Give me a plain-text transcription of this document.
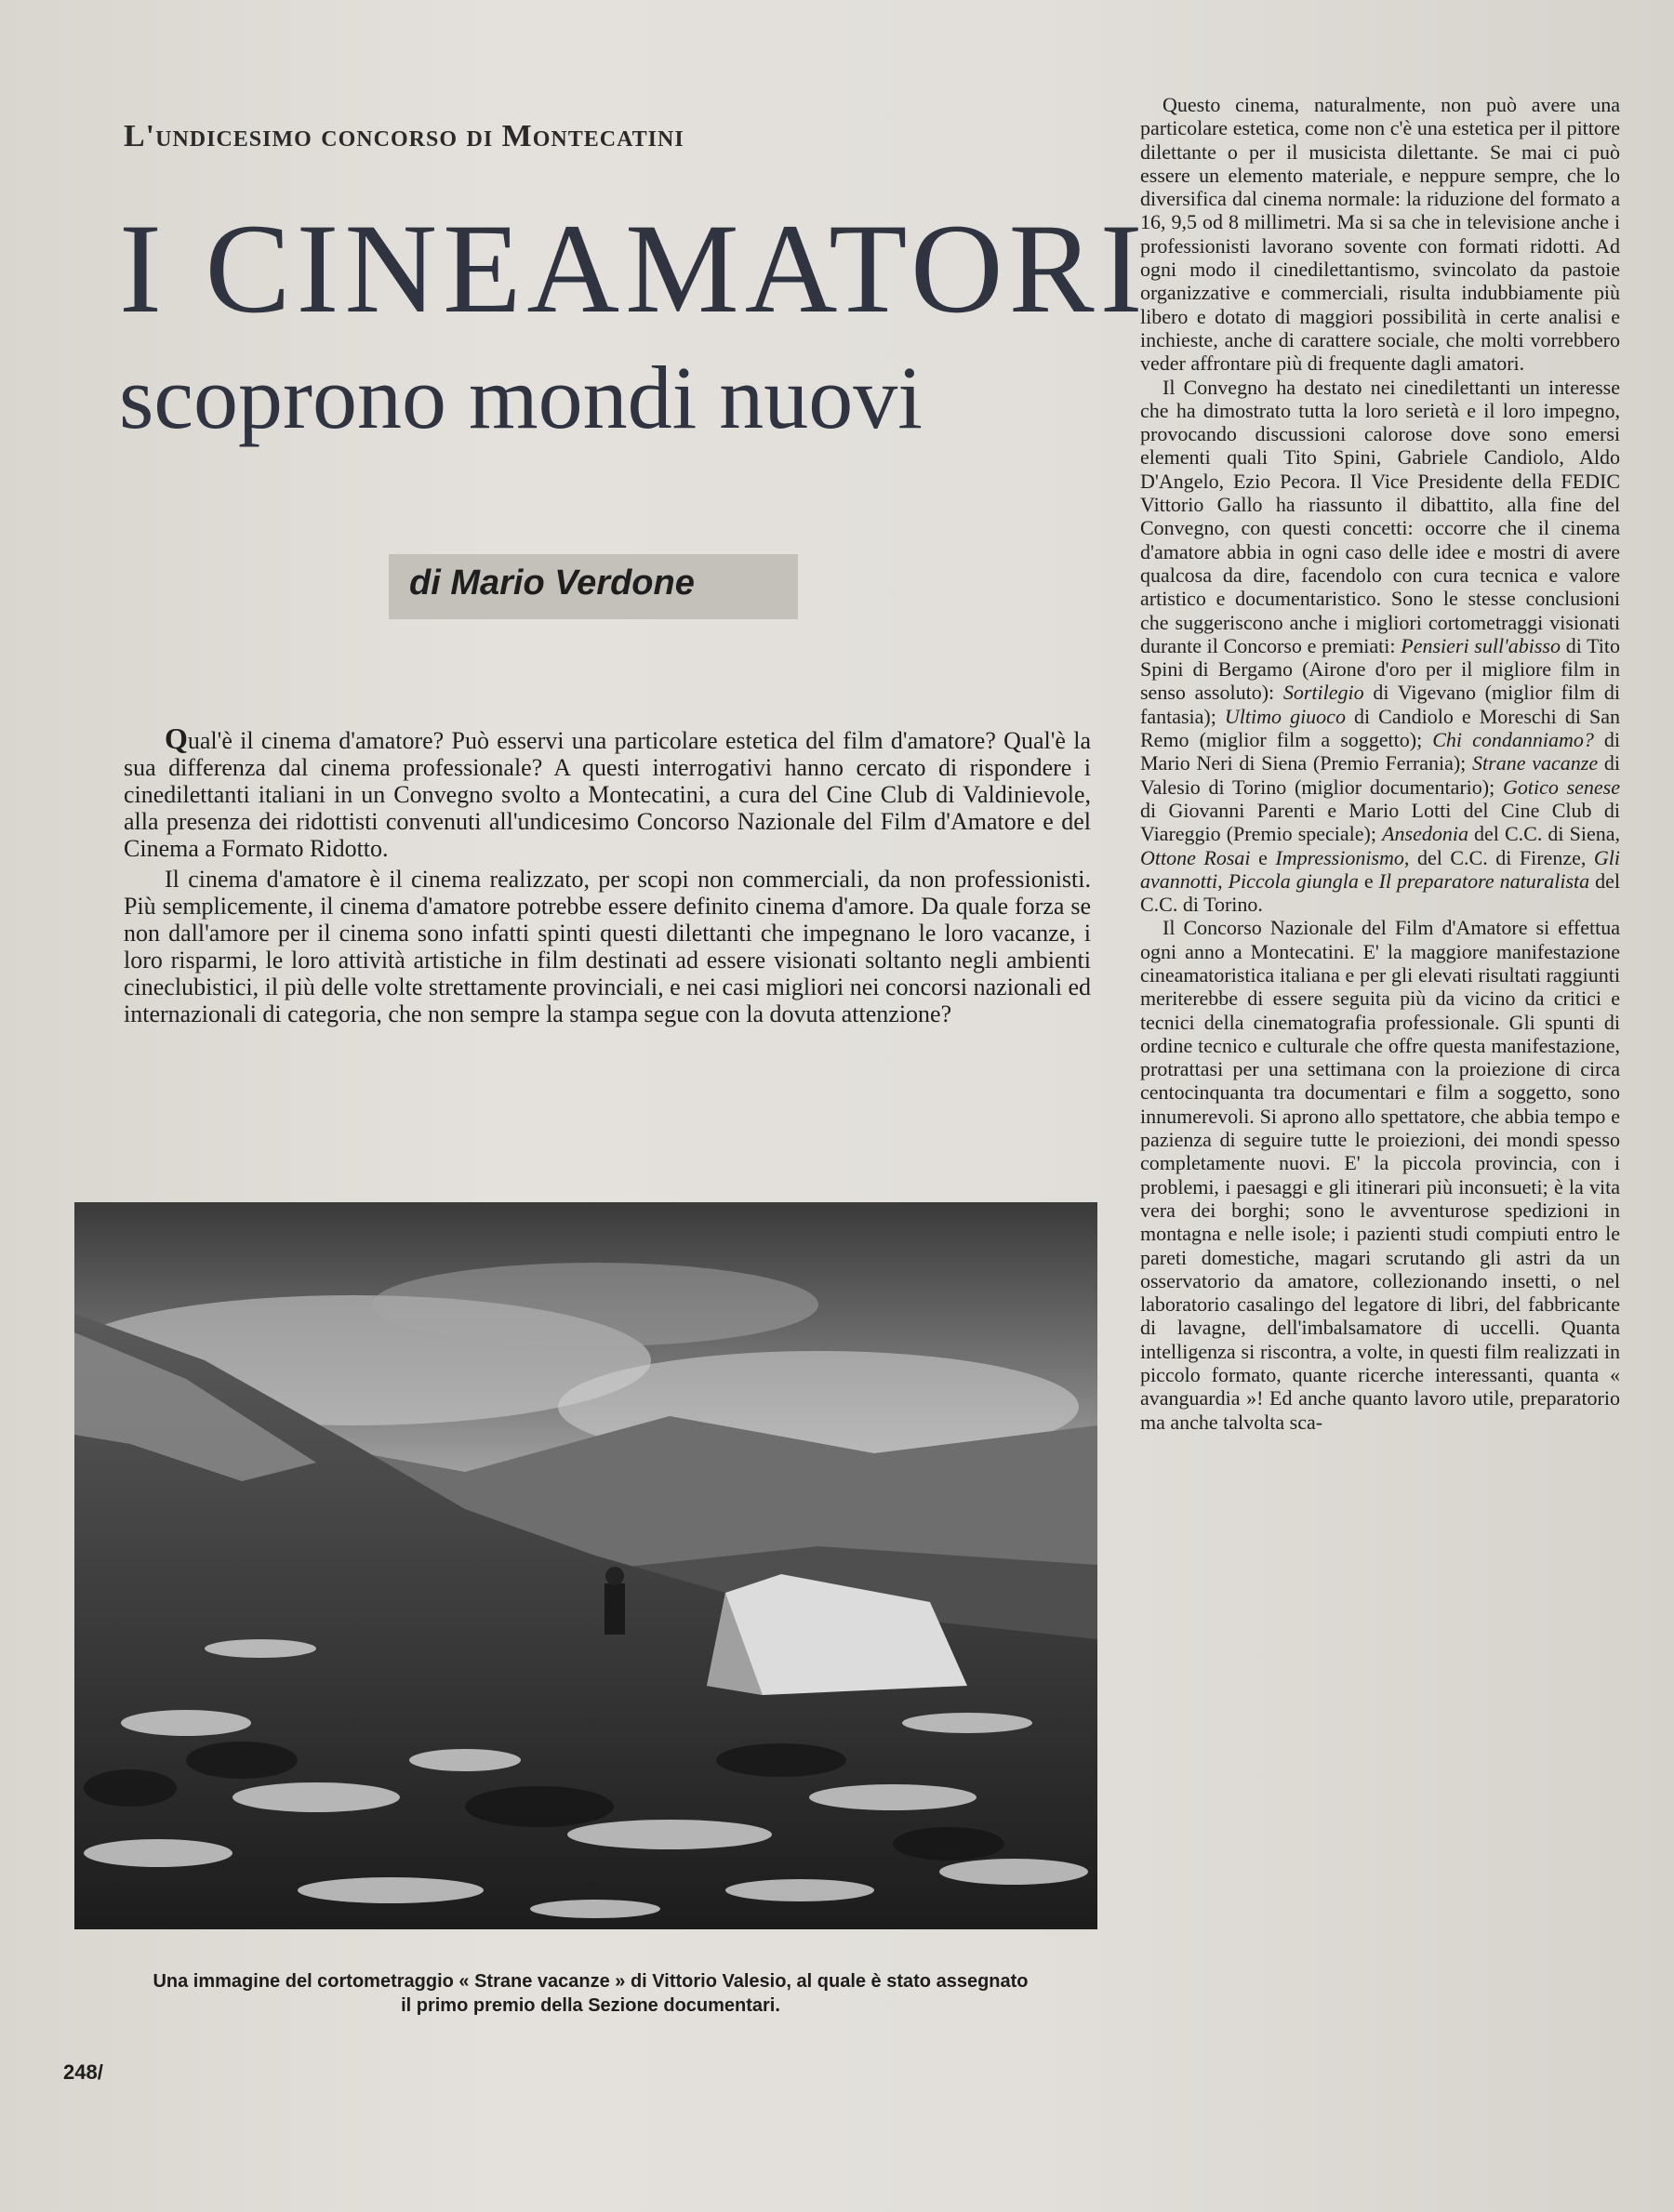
L'undicesimo concorso di Montecatini
I CINEAMATORI
scoprono mondi nuovi
di Mario Verdone

Qual'è il cinema d'amatore? Può esservi una particolare estetica del film d'amatore? Qual'è la sua differenza dal cinema professionale? A questi interrogativi hanno cercato di rispondere i cinedilettanti italiani in un Convegno svolto a Montecatini, a cura del Cine Club di Valdinievole, alla presenza dei ridottisti convenuti all'undicesimo Concorso Nazionale del Film d'Amatore e del Cinema a Formato Ridotto.

Il cinema d'amatore è il cinema realizzato, per scopi non commerciali, da non professionisti. Più semplicemente, il cinema d'amatore potrebbe essere definito cinema d'amore. Da quale forza se non dall'amore per il cinema sono infatti spinti questi dilettanti che impegnano le loro vacanze, i loro risparmi, le loro attività artistiche in film destinati ad essere visionati soltanto negli ambienti cineclubistici, il più delle volte strettamente provinciali, e nei casi migliori nei concorsi nazionali ed internazionali di categoria, che non sempre la stampa segue con la dovuta attenzione?

Una immagine del cortometraggio « Strane vacanze » di Vittorio Valesio, al quale è stato assegnato
il primo premio della Sezione documentari.
248/

Questo cinema, naturalmente, non può avere una particolare estetica, come non c'è una estetica per il pittore dilettante o per il musicista dilettante. Se mai ci può essere un elemento materiale, e neppure sempre, che lo diversifica dal cinema normale: la riduzione del formato a 16, 9,5 od 8 millimetri. Ma si sa che in televisione anche i professionisti lavorano sovente con formati ridotti. Ad ogni modo il cinedilettantismo, svincolato da pastoie organizzative e commerciali, risulta indubbiamente più libero e dotato di maggiori possibilità in certe analisi e inchieste, anche di carattere sociale, che molti vorrebbero veder affrontare più di frequente dagli amatori.

Il Convegno ha destato nei cinedilettanti un interesse che ha dimostrato tutta la loro serietà e il loro impegno, provocando discussioni calorose dove sono emersi elementi quali Tito Spini, Gabriele Candiolo, Aldo D'Angelo, Ezio Pecora. Il Vice Presidente della FEDIC Vittorio Gallo ha riassunto il dibattito, alla fine del Convegno, con questi concetti: occorre che il cinema d'amatore abbia in ogni caso delle idee e mostri di avere qualcosa da dire, facendolo con cura tecnica e valore artistico e documentaristico. Sono le stesse conclusioni che suggeriscono anche i migliori cortometraggi visionati durante il Concorso e premiati: Pensieri sull'abisso di Tito Spini di Bergamo (Airone d'oro per il migliore film in senso assoluto): Sortilegio di Vigevano (miglior film di fantasia); Ultimo giuoco di Candiolo e Moreschi di San Remo (miglior film a soggetto); Chi condanniamo? di Mario Neri di Siena (Premio Ferrania); Strane vacanze di Valesio di Torino (miglior documentario); Gotico senese di Giovanni Parenti e Mario Lotti del Cine Club di Viareggio (Premio speciale); Ansedonia del C.C. di Siena, Ottone Rosai e Impressionismo, del C.C. di Firenze, Gli avannotti, Piccola giungla e Il preparatore naturalista del C.C. di Torino.

Il Concorso Nazionale del Film d'Amatore si effettua ogni anno a Montecatini. E' la maggiore manifestazione cineamatoristica italiana e per gli elevati risultati raggiunti meriterebbe di essere seguita più da vicino da critici e tecnici della cinematografia professionale. Gli spunti di ordine tecnico e culturale che offre questa manifestazione, protrattasi per una settimana con la proiezione di circa centocinquanta tra documentari e film a soggetto, sono innumerevoli. Si aprono allo spettatore, che abbia tempo e pazienza di seguire tutte le proiezioni, dei mondi spesso completamente nuovi. E' la piccola provincia, con i problemi, i paesaggi e gli itinerari più inconsueti; è la vita vera dei borghi; sono le avventurose spedizioni in montagna e nelle isole; i pazienti studi compiuti entro le pareti domestiche, magari scrutando gli astri da un osservatorio da amatore, collezionando insetti, o nel laboratorio casalingo del legatore di libri, del fabbricante di lavagne, dell'imbalsamatore di uccelli. Quanta intelligenza si riscontra, a volte, in questi film realizzati in piccolo formato, quante ricerche interessanti, quanta « avanguardia »! Ed anche quanto lavoro utile, preparatorio ma anche talvolta sca-
